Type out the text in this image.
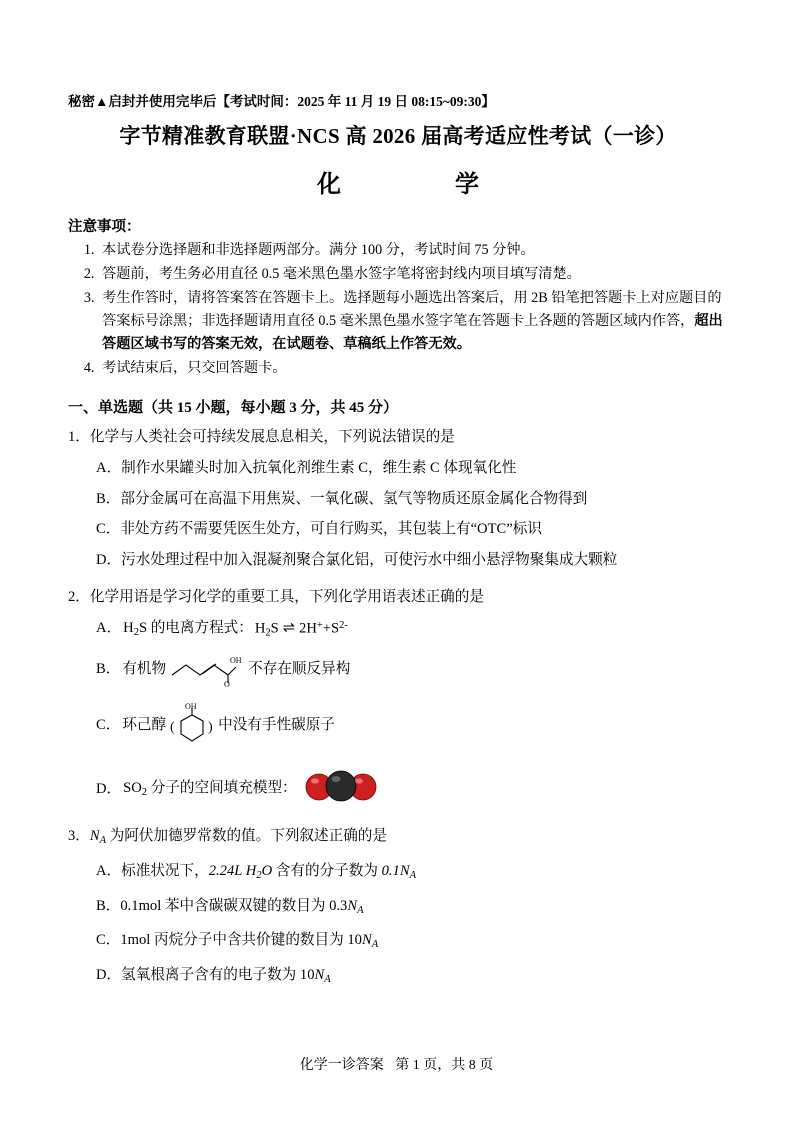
秘密▲启封并使用完毕后【考试时间：2025 年 11 月 19 日 08:15~09:30】
字节精准教育联盟·NCS 高 2026 届高考适应性考试（一诊）
化　　学
注意事项：
1. 本试卷分选择题和非选择题两部分。满分 100 分，考试时间 75 分钟。
2. 答题前，考生务必用直径 0.5 毫米黑色墨水签字笔将密封线内项目填写清楚。
3. 考生作答时，请将答案答在答题卡上。选择题每小题选出答案后，用 2B 铅笔把答题卡上对应题目的答案标号涂黑；非选择题请用直径 0.5 毫米黑色墨水签字笔在答题卡上各题的答题区域内作答，超出答题区域书写的答案无效，在试题卷、草稿纸上作答无效。
4. 考试结束后，只交回答题卡。
一、单选题（共 15 小题，每小题 3 分，共 45 分）
1．化学与人类社会可持续发展息息相关，下列说法错误的是
A．制作水果罐头时加入抗氧化剂维生素 C，维生素 C 体现氧化性
B．部分金属可在高温下用焦炭、一氧化碳、氢气等物质还原金属化合物得到
C．非处方药不需要凭医生处方，可自行购买，其包装上有“OTC”标识
D．污水处理过程中加入混凝剂聚合氯化铝，可使污水中细小悬浮物聚集成大颗粒
2．化学用语是学习化学的重要工具，下列化学用语表述正确的是
A． $H_2S$ 的电离方程式： $H_2S$ ⇌ $2H^++S^{2-}$
B． 有机物
O
OH
不存在顺反异构
C． 环己醇 ( )
OH
中没有手性碳原子
D． $SO_2$ 分子的空间填充模型：
3．$N_A$ 为阿伏加德罗常数的值。下列叙述正确的是
A．标准状况下，2.24L $H_2O$ 含有的分子数为 $0.1N_A$
B．0.1mol 苯中含碳碳双键的数目为 $0.3N_A$
C．1mol 丙烷分子中含共价键的数目为 $10N_A$
D．氢氧根离子含有的电子数为 $10N_A$
化学一诊答案 第 1 页，共 8 页
